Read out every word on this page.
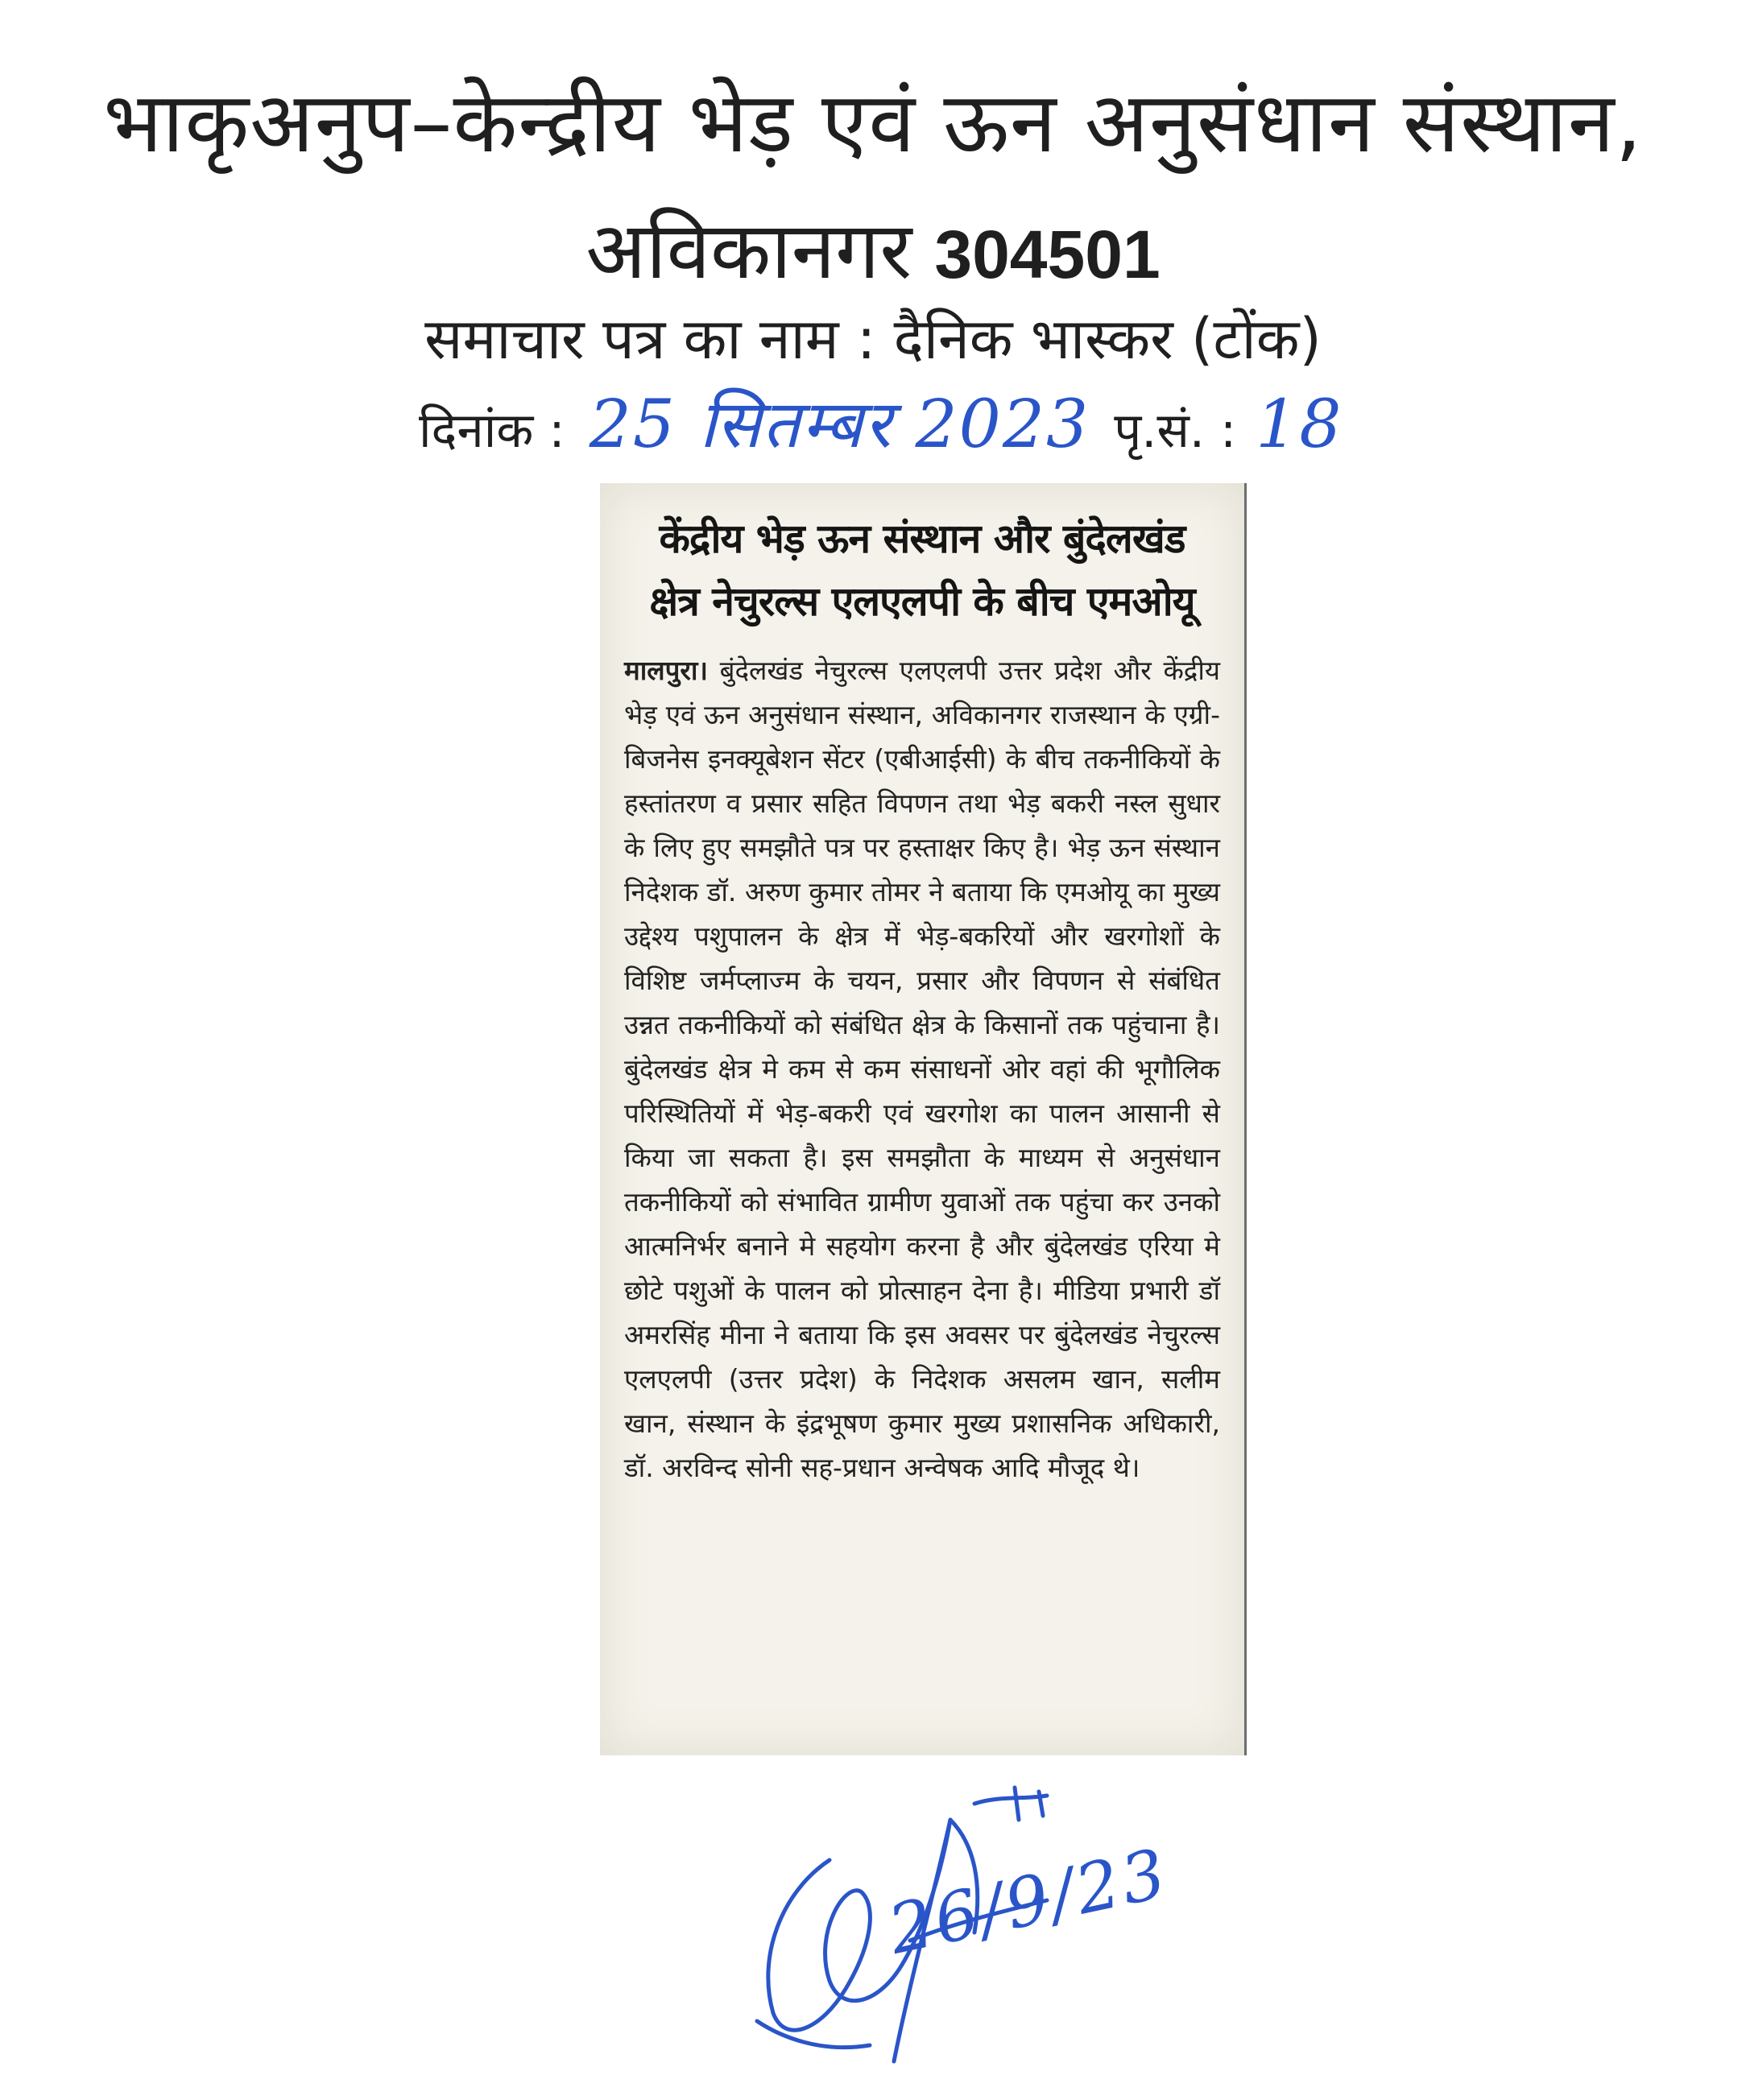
भाकृअनुप–केन्द्रीय भेड़ एवं ऊन अनुसंधान संस्थान,
अविकानगर 304501
समाचार पत्र का नाम : दैनिक भास्कर (टोंक)
दिनांक : 25 सितम्बर 2023 पृ.सं. : 18
केंद्रीय भेड़ ऊन संस्थान और बुंदेलखंड
क्षेत्र नेचुरल्स एलएलपी के बीच एमओयू
मालपुरा। बुंदेलखंड नेचुरल्स एलएलपी उत्तर प्रदेश और केंद्रीय भेड़ एवं ऊन अनुसंधान संस्थान, अविकानगर राजस्थान के एग्री-बिजनेस इनक्यूबेशन सेंटर (एबीआईसी) के बीच तकनीकियों के हस्तांतरण व प्रसार सहित विपणन तथा भेड़ बकरी नस्ल सुधार के लिए हुए समझौते पत्र पर हस्ताक्षर किए है। भेड़ ऊन संस्थान निदेशक डॉ. अरुण कुमार तोमर ने बताया कि एमओयू का मुख्य उद्देश्य पशुपालन के क्षेत्र में भेड़-बकरियों और खरगोशों के विशिष्ट जर्मप्लाज्म के चयन, प्रसार और विपणन से संबंधित उन्नत तकनीकियों को संबंधित क्षेत्र के किसानों तक पहुंचाना है। बुंदेलखंड क्षेत्र मे कम से कम संसाधनों ओर वहां की भूगौलिक परिस्थितियों में भेड़-बकरी एवं खरगोश का पालन आसानी से किया जा सकता है। इस समझौता के माध्यम से अनुसंधान तकनीकियों को संभावित ग्रामीण युवाओं तक पहुंचा कर उनको आत्मनिर्भर बनाने मे सहयोग करना है और बुंदेलखंड एरिया मे छोटे पशुओं के पालन को प्रोत्साहन देना है। मीडिया प्रभारी डॉ अमरसिंह मीना ने बताया कि इस अवसर पर बुंदेलखंड नेचुरल्स एलएलपी (उत्तर प्रदेश) के निदेशक असलम खान, सलीम खान, संस्थान के इंद्रभूषण कुमार मुख्य प्रशासनिक अधिकारी, डॉ. अरविन्द सोनी सह-प्रधान अन्वेषक आदि मौजूद थे।
26/9/23
